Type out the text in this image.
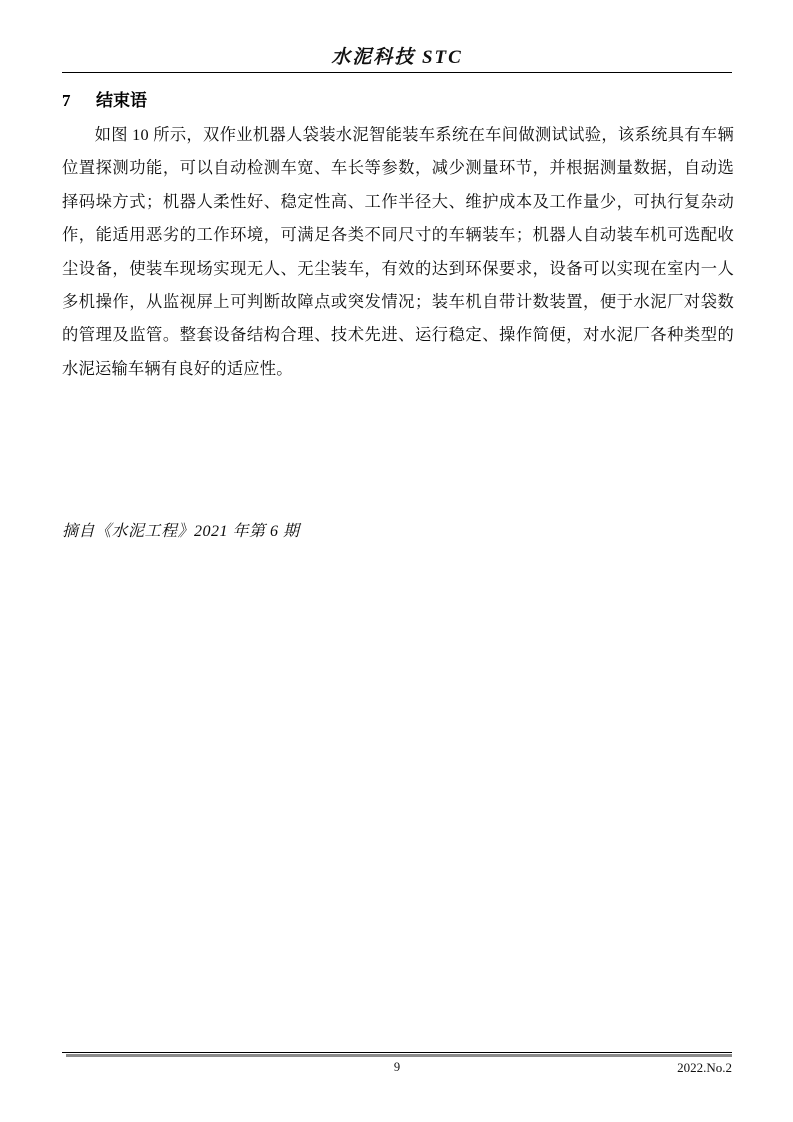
水泥科技 STC
7 结束语

如图 10 所示，双作业机器人袋装水泥智能装车系统在车间做测试试验，该系统具有车辆位置探测功能，可以自动检测车宽、车长等参数，减少测量环节，并根据测量数据，自动选择码垛方式；机器人柔性好、稳定性高、工作半径大、维护成本及工作量少，可执行复杂动作，能适用恶劣的工作环境，可满足各类不同尺寸的车辆装车；机器人自动装车机可选配收尘设备，使装车现场实现无人、无尘装车，有效的达到环保要求，设备可以实现在室内一人多机操作，从监视屏上可判断故障点或突发情况；装车机自带计数装置，便于水泥厂对袋数的管理及监管。整套设备结构合理、技术先进、运行稳定、操作简便，对水泥厂各种类型的水泥运输车辆有良好的适应性。

摘自《水泥工程》2021 年第 6 期
9	2022.No.2
